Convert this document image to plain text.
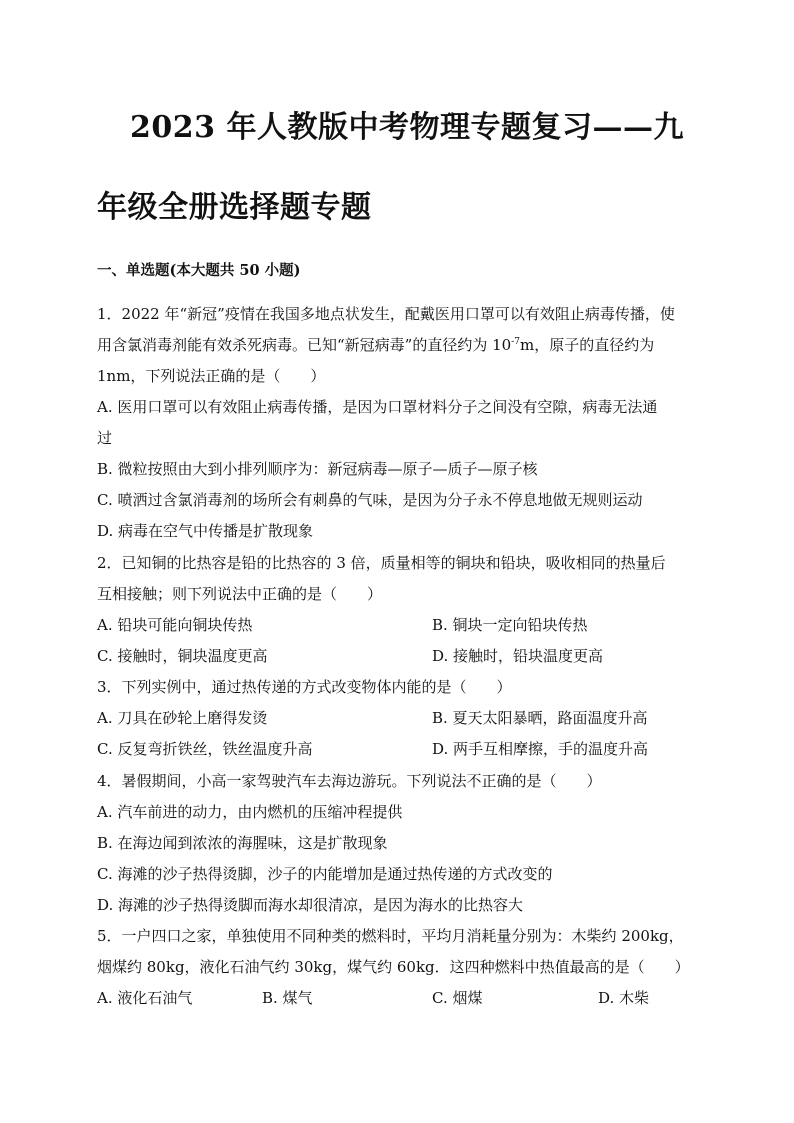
2023 年人教版中考物理专题复习——九
年级全册选择题专题
一、单选题(本大题共 50 小题)
1．2022 年“新冠”疫情在我国多地点状发生，配戴医用口罩可以有效阻止病毒传播，使
用含氯消毒剂能有效杀死病毒。已知“新冠病毒”的直径约为 $10^{-7}m$，原子的直径约为
1nm，下列说法正确的是（　　）
A. 医用口罩可以有效阻止病毒传播，是因为口罩材料分子之间没有空隙，病毒无法通
过
B. 微粒按照由大到小排列顺序为：新冠病毒—原子—质子—原子核
C. 喷洒过含氯消毒剂的场所会有刺鼻的气味，是因为分子永不停息地做无规则运动
D. 病毒在空气中传播是扩散现象
2．已知铜的比热容是铅的比热容的 3 倍，质量相等的铜块和铅块，吸收相同的热量后
互相接触；则下列说法中正确的是（　　）
A. 铅块可能向铜块传热	B. 铜块一定向铅块传热
C. 接触时，铜块温度更高	D. 接触时，铅块温度更高
3．下列实例中，通过热传递的方式改变物体内能的是（　　）
A. 刀具在砂轮上磨得发烫	B. 夏天太阳暴晒，路面温度升高
C. 反复弯折铁丝，铁丝温度升高	D. 两手互相摩擦，手的温度升高
4．暑假期间，小高一家驾驶汽车去海边游玩。下列说法不正确的是（　　）
A. 汽车前进的动力，由内燃机的压缩冲程提供
B. 在海边闻到浓浓的海腥味，这是扩散现象
C. 海滩的沙子热得烫脚，沙子的内能增加是通过热传递的方式改变的
D. 海滩的沙子热得烫脚而海水却很清凉，是因为海水的比热容大
5．一户四口之家，单独使用不同种类的燃料时，平均月消耗量分别为：木柴约 200kg，
烟煤约 80kg，液化石油气约 30kg，煤气约 60kg．这四种燃料中热值最高的是（　　）
A. 液化石油气	B. 煤气	C. 烟煤	D. 木柴
